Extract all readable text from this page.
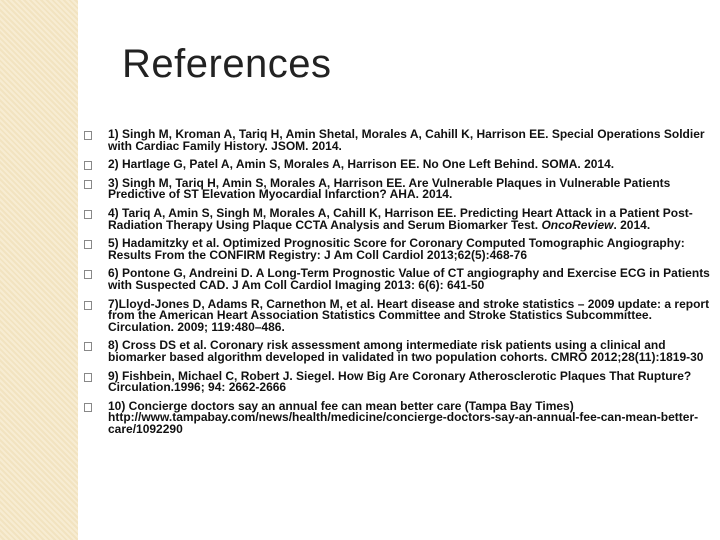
References
1) Singh M, Kroman A, Tariq H, Amin Shetal, Morales A, Cahill K, Harrison EE. Special Operations Soldier with Cardiac Family History. JSOM. 2014.
2) Hartlage G, Patel A, Amin S, Morales A, Harrison EE. No One Left Behind. SOMA. 2014.
3) Singh M, Tariq H, Amin S, Morales A, Harrison EE. Are Vulnerable Plaques in Vulnerable Patients Predictive of ST Elevation Myocardial Infarction? AHA. 2014.
4) Tariq A, Amin S, Singh M, Morales A, Cahill K, Harrison EE. Predicting Heart Attack in a Patient Post-Radiation Therapy Using Plaque CCTA Analysis and Serum Biomarker Test. OncoReview. 2014.
5) Hadamitzky et al. Optimized Prognositic Score for Coronary Computed Tomographic Angiography: Results From the CONFIRM Registry: J Am Coll Cardiol 2013;62(5):468-76
6) Pontone G, Andreini D. A Long-Term Prognostic Value of CT angiography and Exercise ECG in Patients with Suspected CAD. J Am Coll Cardiol Imaging 2013: 6(6): 641-50
7)Lloyd-Jones D, Adams R, Carnethon M, et al. Heart disease and stroke statistics – 2009 update: a report from the American Heart Association Statistics Committee and Stroke Statistics Subcommittee. Circulation. 2009; 119:480–486.
8) Cross DS et al. Coronary risk assessment among intermediate risk patients using a clinical and biomarker based algorithm developed in validated in two population cohorts. CMRO 2012;28(11):1819-30
9) Fishbein, Michael C, Robert J. Siegel. How Big Are Coronary Atherosclerotic Plaques That Rupture? Circulation.1996; 94: 2662-2666
10) Concierge doctors say an annual fee can mean better care (Tampa Bay Times) http://www.tampabay.com/news/health/medicine/concierge-doctors-say-an-annual-fee-can-mean-better-care/1092290
